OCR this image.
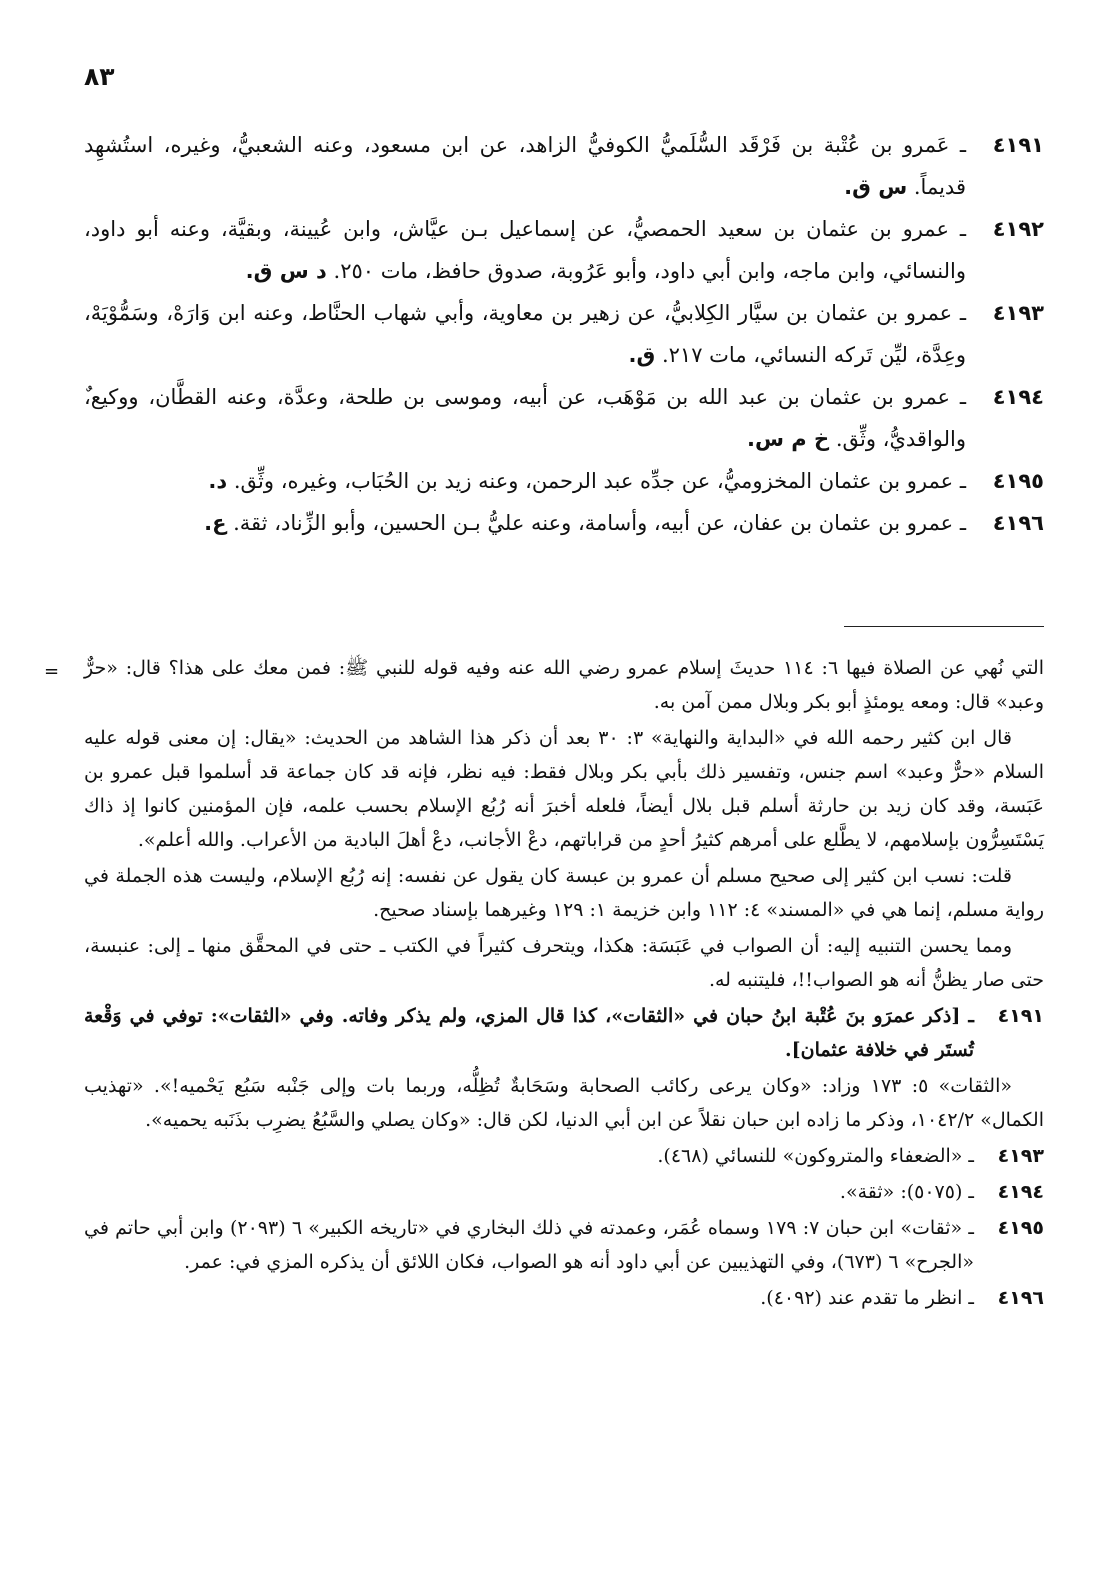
٨٣
٤١٩١
ـ عَمرو بن عُتْبة بن فَرْقَد السُّلَميُّ الكوفيُّ الزاهد، عن ابن مسعود، وعنه الشعبيُّ، وغيره، استُشهِد قديماً. س ق.
٤١٩٢
ـ عمرو بن عثمان بن سعيد الحمصيُّ، عن إسماعيل بـن عيَّاش، وابن عُيينة، وبقيَّة، وعنه أبو داود، والنسائي، وابن ماجه، وابن أبي داود، وأبو عَرُوبة، صدوق حافظ، مات ٢٥٠. د س ق.
٤١٩٣
ـ عمرو بن عثمان بن سيَّار الكِلابيُّ، عن زهير بن معاوية، وأبي شهاب الحنَّاط، وعنه ابن وَارَهْ، وسَمُّوْيَهْ، وعِدَّة، ليِّن تَركه النسائي، مات ٢١٧. ق.
٤١٩٤
ـ عمرو بن عثمان بن عبد الله بن مَوْهَب، عن أبيه، وموسى بن طلحة، وعدَّة، وعنه القطَّان، ووكيع،ٌ والواقديُّ، وثِّق. خ م س.
٤١٩٥
ـ عمرو بن عثمان المخزوميُّ، عن جدِّه عبد الرحمن، وعنه زيد بن الحُبَاب، وغيره، وثِّق. د.
٤١٩٦
ـ عمرو بن عثمان بن عفان، عن أبيه، وأسامة، وعنه عليُّ بـن الحسين، وأبو الزِّناد، ثقة. ع.
= التي نُهي عن الصلاة فيها ٦: ١١٤ حديثَ إسلام عمرو رضي الله عنه وفيه قوله للنبي ﷺ: فمن معك على هذا؟ قال: «حرٌّ وعبد» قال: ومعه يومئذٍ أبو بكر وبلال ممن آمن به.
قال ابن كثير رحمه الله في «البداية والنهاية» ٣: ٣٠ بعد أن ذكر هذا الشاهد من الحديث: «يقال: إن معنى قوله عليه السلام «حرٌّ وعبد» اسم جنس، وتفسير ذلك بأبي بكر وبلال فقط: فيه نظر، فإنه قد كان جماعة قد أسلموا قبل عمرو بن عَبَسة، وقد كان زيد بن حارثة أسلم قبل بلال أيضاً، فلعله أخبرَ أنه رُبُع الإسلام بحسب علمه، فإن المؤمنين كانوا إذ ذاك يَسْتَسِرُّون بإسلامهم، لا يطَّلع على أمرهم كثيرُ أحدٍ من قراباتهم، دعْ الأجانب، دعْ أهلَ البادية من الأعراب. والله أعلم».
قلت: نسب ابن كثير إلى صحيح مسلم أن عمرو بن عبسة كان يقول عن نفسه: إنه رُبُع الإسلام، وليست هذه الجملة في رواية مسلم، إنما هي في «المسند» ٤: ١١٢ وابن خزيمة ١: ١٢٩ وغيرهما بإسناد صحيح.
ومما يحسن التنبيه إليه: أن الصواب في عَبَسَة: هكذا، ويتحرف كثيراً في الكتب ـ حتى في المحقَّق منها ـ إلى: عنبسة، حتى صار يظنُّ أنه هو الصواب!!، فليتنبه له.
٤١٩١
ـ [ذكر عمرَو بنَ عُتْبة ابنُ حبان في «الثقات»، كذا قال المزي، ولم يذكر وفاته. وفي «الثقات»: توفي في وَقْعة تُستَر في خلافة عثمان].
«الثقات» ٥: ١٧٣ وزاد: «وكان يرعى ركائب الصحابة وسَحَابةٌ تُظِلُّه، وربما بات وإلى جَنْبه سَبُع يَحْميه!». «تهذيب الكمال» ١٠٤٢/٢، وذكر ما زاده ابن حبان نقلاً عن ابن أبي الدنيا، لكن قال: «وكان يصلي والسَّبُعُ يضرِب بذَنَبه يحميه».
٤١٩٣
ـ «الضعفاء والمتروكون» للنسائي (٤٦٨).
٤١٩٤
ـ (٥٠٧٥): «ثقة».
٤١٩٥
ـ «ثقات» ابن حبان ٧: ١٧٩ وسماه عُمَر، وعمدته في ذلك البخاري في «تاريخه الكبير» ٦ (٢٠٩٣) وابن أبي حاتم في «الجرح» ٦ (٦٧٣)، وفي التهذيبين عن أبي داود أنه هو الصواب، فكان اللائق أن يذكره المزي في: عمر.
٤١٩٦
ـ انظر ما تقدم عند (٤٠٩٢).
